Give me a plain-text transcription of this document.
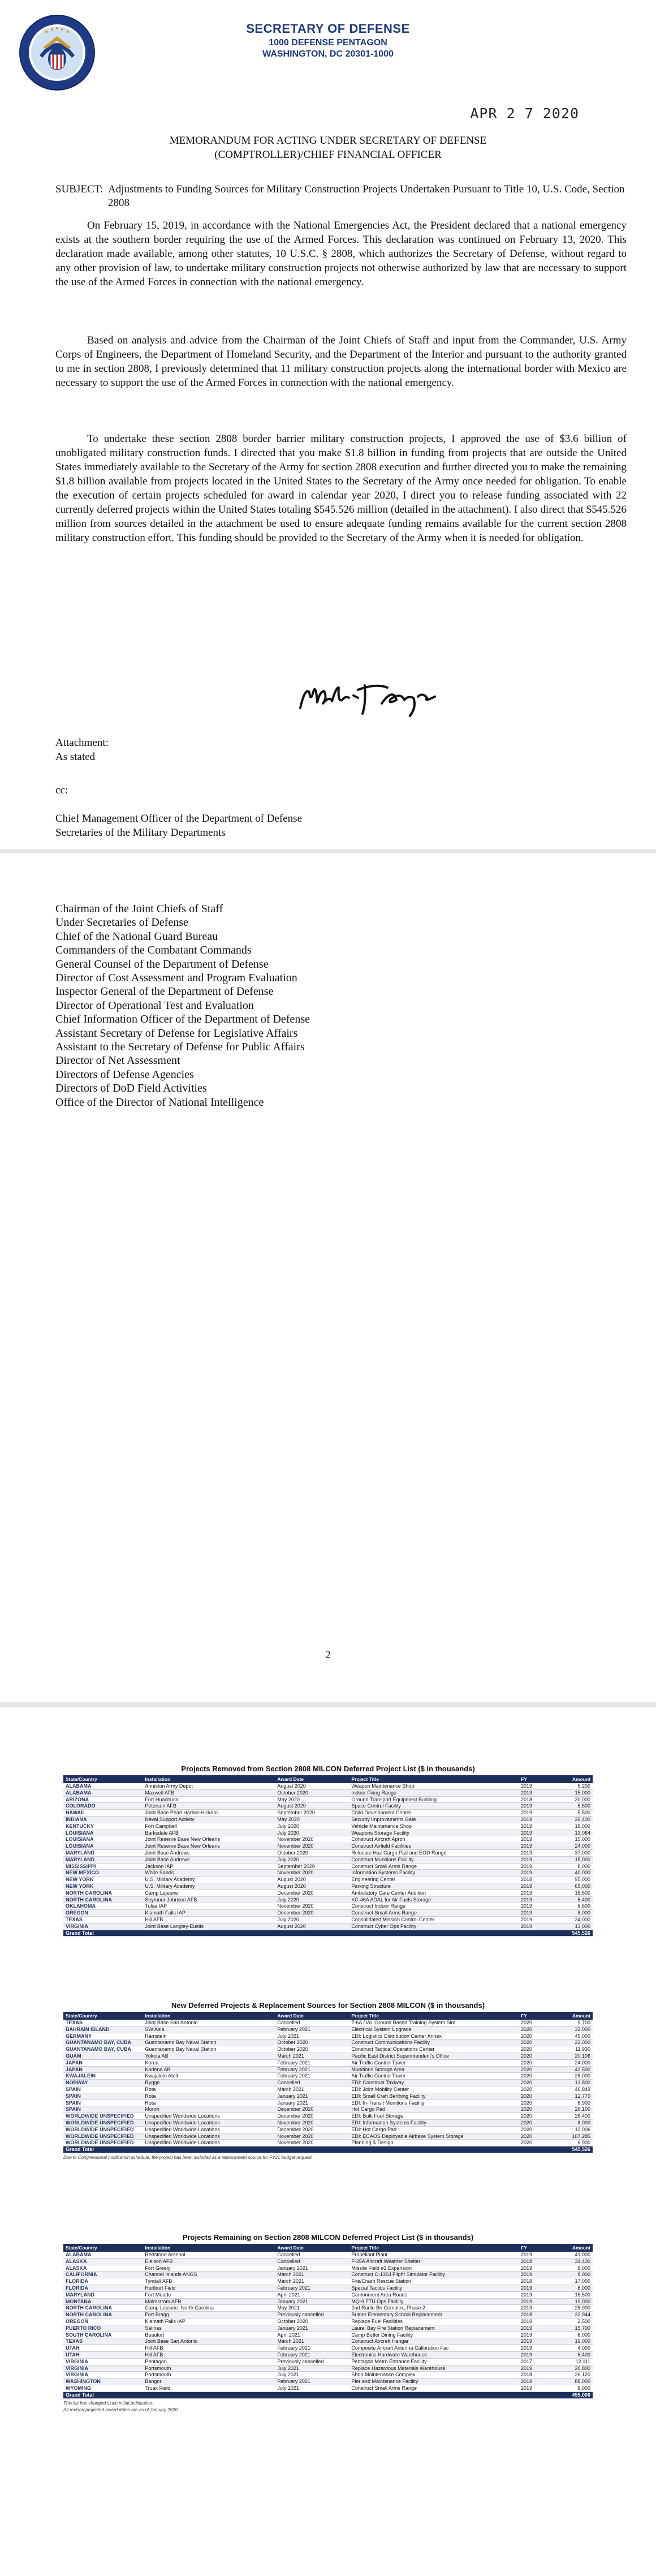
SECRETARY OF DEFENSE
1000 DEFENSE PENTAGON
WASHINGTON, DC 20301-1000
APR 2 7 2020
MEMORANDUM FOR ACTING UNDER SECRETARY OF DEFENSE
(COMPTROLLER)/CHIEF FINANCIAL OFFICER
SUBJECT: Adjustments to Funding Sources for Military Construction Projects Undertaken Pursuant to Title 10, U.S. Code, Section 2808

On February 15, 2019, in accordance with the National Emergencies Act, the President declared that a national emergency exists at the southern border requiring the use of the Armed Forces. This declaration was continued on February 13, 2020. This declaration made available, among other statutes, 10 U.S.C. § 2808, which authorizes the Secretary of Defense, without regard to any other provision of law, to undertake military construction projects not otherwise authorized by law that are necessary to support the use of the Armed Forces in connection with the national emergency.

Based on analysis and advice from the Chairman of the Joint Chiefs of Staff and input from the Commander, U.S. Army Corps of Engineers, the Department of Homeland Security, and the Department of the Interior and pursuant to the authority granted to me in section 2808, I previously determined that 11 military construction projects along the international border with Mexico are necessary to support the use of the Armed Forces in connection with the national emergency.

To undertake these section 2808 border barrier military construction projects, I approved the use of $3.6 billion of unobligated military construction funds. I directed that you make $1.8 billion in funding from projects that are outside the United States immediately available to the Secretary of the Army for section 2808 execution and further directed you to make the remaining $1.8 billion available from projects located in the United States to the Secretary of the Army once needed for obligation. To enable the execution of certain projects scheduled for award in calendar year 2020, I direct you to release funding associated with 22 currently deferred projects within the United States totaling $545.526 million (detailed in the attachment). I also direct that $545.526 million from sources detailed in the attachment be used to ensure adequate funding remains available for the current section 2808 military construction effort. This funding should be provided to the Secretary of the Army when it is needed for obligation.

Attachment:
As stated
cc:
Chief Management Officer of the Department of Defense
Secretaries of the Military Departments
Chairman of the Joint Chiefs of Staff
Under Secretaries of Defense
Chief of the National Guard Bureau
Commanders of the Combatant Commands
General Counsel of the Department of Defense
Director of Cost Assessment and Program Evaluation
Inspector General of the Department of Defense
Director of Operational Test and Evaluation
Chief Information Officer of the Department of Defense
Assistant Secretary of Defense for Legislative Affairs
Assistant to the Secretary of Defense for Public Affairs
Director of Net Assessment
Directors of Defense Agencies
Directors of DoD Field Activities
Office of the Director of National Intelligence
2
Projects Removed from Section 2808 MILCON Deferred Project List ($ in thousands)
State/Country	Installation	Award Date	Project Title	FY	Amount
ALABAMA	Anniston Army Depot	August 2020	Weapon Maintenance Shop	2019	5,200
ALABAMA	Maxwell AFB	October 2020	Indoor Firing Range	2019	15,000
ARIZONA	Fort Huachuca	May 2020	Ground Transport Equipment Building	2018	30,000
COLORADO	Peterson AFB	August 2020	Space Control Facility	2019	5,500
HAWAII	Joint Base Pearl Harbor-Hickam	September 2020	Child Development Center	2019	5,500
INDIANA	Naval Support Activity	May 2020	Security Improvements Gate	2019	26,400
KENTUCKY	Fort Campbell	July 2020	Vehicle Maintenance Shop	2019	18,000
LOUISIANA	Barksdale AFB	July 2020	Weapons Storage Facility	2019	13,064
LOUISIANA	Joint Reserve Base New Orleans	November 2020	Construct Aircraft Apron	2019	15,000
LOUISIANA	Joint Reserve Base New Orleans	November 2020	Construct Airfield Facilities	2019	24,000
MARYLAND	Joint Base Andrews	October 2020	Relocate Haz Cargo Pad and EOD Range	2019	37,000
MARYLAND	Joint Base Andrews	July 2020	Construct Munitions Facility	2019	15,000
MISSISSIPPI	Jackson IAP	September 2020	Construct Small Arms Range	2019	8,000
NEW MEXICO	White Sands	November 2020	Information Systems Facility	2019	40,000
NEW YORK	U.S. Military Academy	August 2020	Engineering Center	2018	95,000
NEW YORK	U.S. Military Academy	August 2020	Parking Structure	2019	65,000
NORTH CAROLINA	Camp Lejeune	December 2020	Ambulatory Care Center Addition	2019	15,500
NORTH CAROLINA	Seymour Johnson AFB	July 2020	KC-46A ADAL for Air Fuels Storage	2019	6,400
OKLAHOMA	Tulsa IAP	November 2020	Construct Indoor Range	2019	6,600
OREGON	Klamath Falls IAP	December 2020	Construct Small Arms Range	2019	8,000
TEXAS	Hill AFB	July 2020	Consolidated Mission Control Center	2019	34,000
VIRGINIA	Joint Base Langley-Eustis	August 2020	Construct Cyber Ops Facility	2019	13,000
Grand Total					545,526
New Deferred Projects & Replacement Sources for Section 2808 MILCON ($ in thousands)
State/Country	Installation	Award Date	Project Title	FY	Amount
TEXAS	Joint Base San Antonio	Cancelled	T-6A DAL Ground Based Training System Sim	2020	9,700
BAHRAIN ISLAND	SW Asia	February 2021	Electrical System Upgrade	2020	32,000
GERMANY	Ramstein	July 2021	EDI: Logistics Distribution Center Annex	2020	45,000
GUANTANAMO BAY, CUBA	Guantanamo Bay Naval Station	October 2020	Construct Communications Facility	2020	22,000
GUANTANAMO BAY, CUBA	Guantanamo Bay Naval Station	October 2020	Construct Tactical Operations Center	2020	11,930
GUAM	Yokota AB	March 2021	Pacific East District Superintendent's Office	2020	20,106
JAPAN	Korea	February 2021	Air Traffic Control Tower	2020	24,000
JAPAN	Kadena AB	February 2021	Munitions Storage Area	2020	42,500
KWAJALEIN	Kwajalein Atoll	February 2021	Air Traffic Control Tower	2020	28,000
NORWAY	Rygge	Cancelled	EDI: Construct Taxiway	2020	13,800
SPAIN	Rota	March 2021	EDI: Joint Mobility Center	2020	46,849
SPAIN	Rota	January 2021	EDI: Small Craft Berthing Facility	2020	12,770
SPAIN	Rota	January 2021	EDI: In-Transit Munitions Facility	2020	6,900
SPAIN	Moron	December 2020	Hot Cargo Pad	2020	26,100
WORLDWIDE UNSPECIFIED	Unspecified Worldwide Locations	December 2020	EDI: Bulk Fuel Storage	2020	26,400
WORLDWIDE UNSPECIFIED	Unspecified Worldwide Locations	November 2020	EDI: Information Systems Facility	2020	8,000
WORLDWIDE UNSPECIFIED	Unspecified Worldwide Locations	December 2020	EDI: Hot Cargo Pad	2020	12,006
WORLDWIDE UNSPECIFIED	Unspecified Worldwide Locations	November 2020	EDI: ECAOS Deployable Airbase System Storage	2020	107,285
WORLDWIDE UNSPECIFIED	Unspecified Worldwide Locations	November 2020	Planning & Design	2020	6,900
Grand Total					545,526
Due to Congressional notification schedule, the project has been included as a replacement source for FY21 budget request.
Projects Remaining on Section 2808 MILCON Deferred Project List ($ in thousands)
State/Country	Installation	Award Date	Project Title	FY	Amount
ALABAMA	Redstone Arsenal	Cancelled	Propellant Plant	2019	41,000
ALASKA	Eielson AFB	Cancelled	F-35A Aircraft Weather Shelter	2018	34,400
ALASKA	Fort Greely	January 2021	Missile Field #1 Expansion	2019	8,000
CALIFORNIA	Channel Islands ANGS	March 2021	Construct C-130J Flight Simulator Facility	2019	8,000
FLORIDA	Tyndall AFB	March 2021	Fire/Crash Rescue Station	2018	17,000
FLORIDA	Hurlburt Field	February 2021	Special Tactics Facility	2019	6,000
MARYLAND	Fort Meade	April 2021	Cantonment Area Roads	2019	16,500
MONTANA	Malmstrom AFB	January 2021	MQ-9 FTU Ops Facility	2019	19,000
NORTH CAROLINA	Camp Lejeune, North Carolina	May 2021	2nd Radio Bn Complex, Phase 2	2019	25,900
NORTH CAROLINA	Fort Bragg	Previously cancelled	Butner Elementary School Replacement	2018	32,944
OREGON	Klamath Falls IAP	October 2020	Replace Fuel Facilities	2019	2,500
PUERTO RICO	Salinas	January 2021	Laurel Bay Fire Station Replacement	2019	15,700
SOUTH CAROLINA	Beaufort	April 2021	Camp Butler Dining Facility	2019	6,000
TEXAS	Joint Base San Antonio	March 2021	Construct Aircraft Hangar	2019	19,000
UTAH	Hill AFB	February 2021	Composite Aircraft Antenna Calibration Fac	2019	4,000
UTAH	Hill AFB	February 2021	Electronics Hardware Warehouse	2019	6,400
VIRGINIA	Pentagon	Previously cancelled	Pentagon Metro Entrance Facility	2017	12,111
VIRGINIA	Portsmouth	July 2021	Replace Hazardous Materials Warehouse	2019	20,800
VIRGINIA	Portsmouth	July 2021	Shop Maintenance Complex	2018	26,120
WASHINGTON	Bangor	February 2021	Pier and Maintenance Facility	2019	88,000
WYOMING	Truax Field	July 2021	Construct Small Arms Range	2019	8,000
Grand Total					455,000
This list has changed since initial publication.
All revised projected award dates are as of January 2020.
